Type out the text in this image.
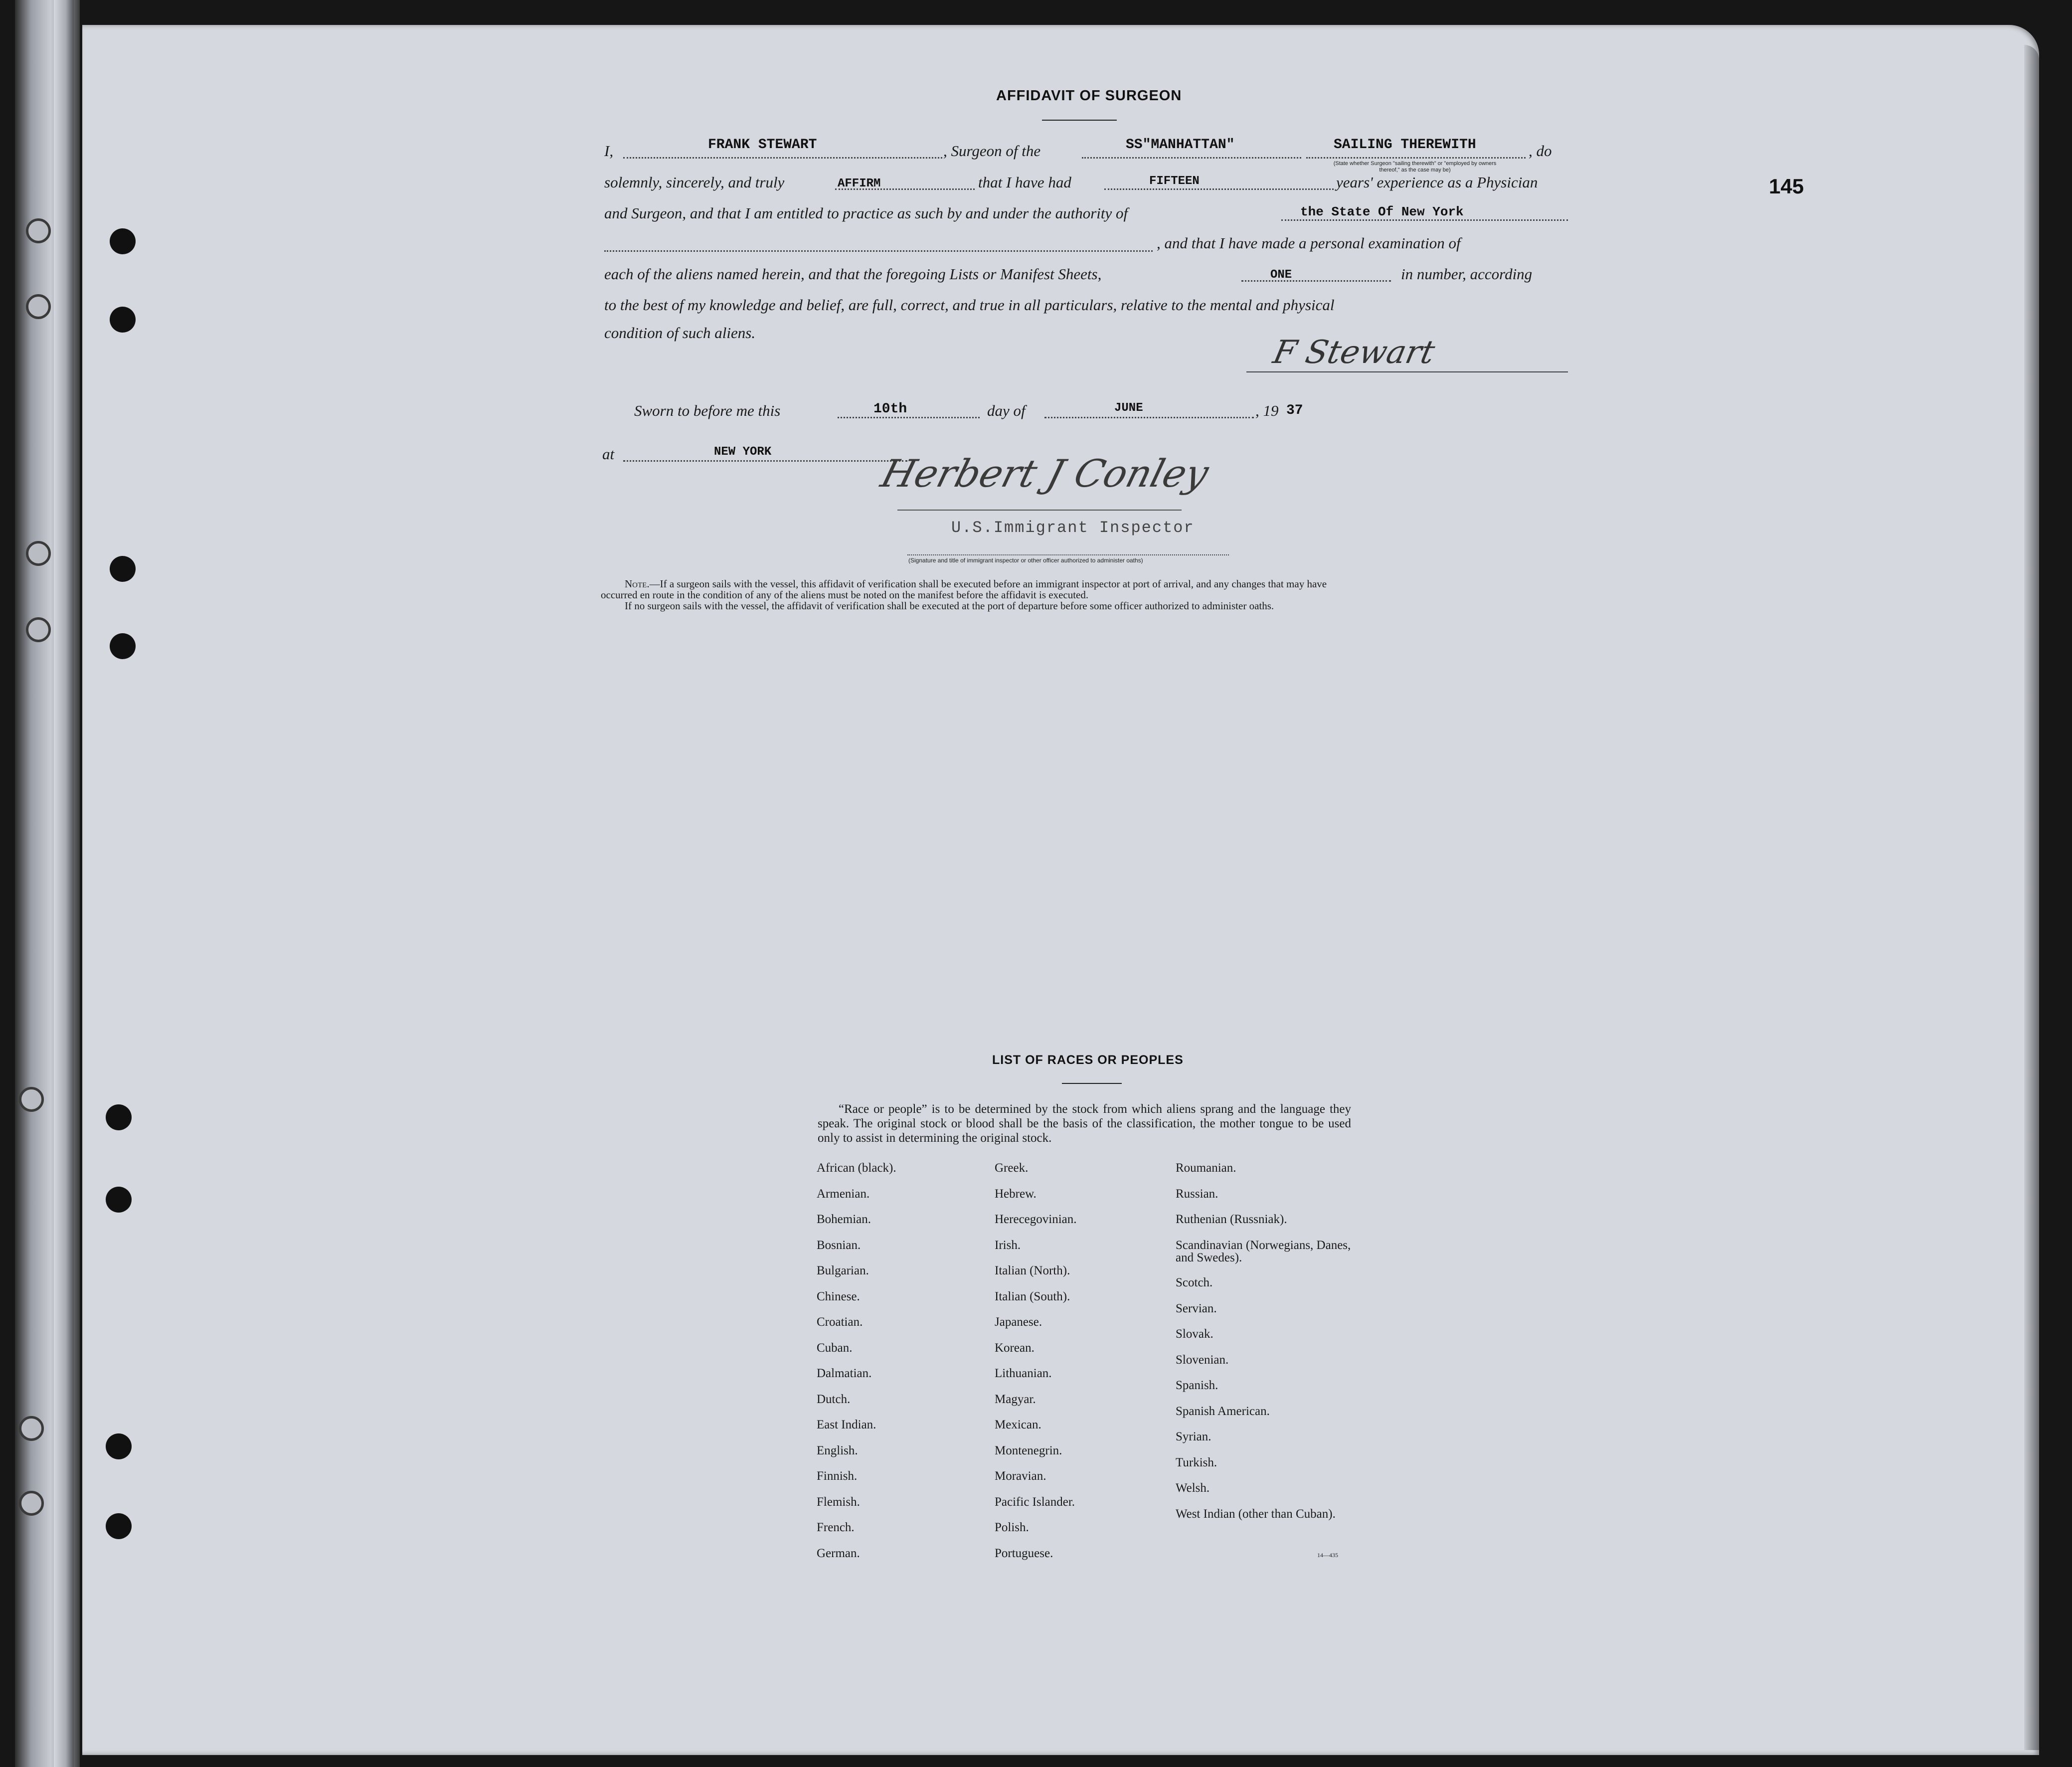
145
AFFIDAVIT OF SURGEON
I,	FRANK STEWART	, Surgeon of the	SS"MANHATTAN"	SAILING THEREWITH	, do
(State whether Surgeon "sailing therewith" or "employed by owners thereof," as the case may be)
solemnly, sincerely, and truly	AFFIRM	that I have had	FIFTEEN	years' experience as a Physician
and Surgeon, and that I am entitled to practice as such by and under the authority of	the State Of New York
, and that I have made a personal examination of
each of the aliens named herein, and that the foregoing Lists or Manifest Sheets,	ONE	in number, according
to the best of my knowledge and belief, are full, correct, and true in all particulars, relative to the mental and physical
condition of such aliens.
F Stewart
Sworn to before me this	10th	day of	JUNE	, 19 37
at	NEW YORK	Herbert J Conley
U.S.Immigrant Inspector
(Signature and title of immigrant inspector or other officer authorized to administer oaths)
Note.—If a surgeon sails with the vessel, this affidavit of verification shall be executed before an immigrant inspector at port of arrival, and any changes that may have
occurred en route in the condition of any of the aliens must be noted on the manifest before the affidavit is executed.
If no surgeon sails with the vessel, the affidavit of verification shall be executed at the port of departure before some officer authorized to administer oaths.
LIST OF RACES OR PEOPLES
“Race or people” is to be determined by the stock from which aliens sprang and the language they speak. The original stock or blood shall be the basis of the classification, the mother tongue to be used only to assist in determining the original stock.
African (black).
Armenian.
Bohemian.
Bosnian.
Bulgarian.
Chinese.
Croatian.
Cuban.
Dalmatian.
Dutch.
East Indian.
English.
Finnish.
Flemish.
French.
German.
Greek.
Hebrew.
Herecegovinian.
Irish.
Italian (North).
Italian (South).
Japanese.
Korean.
Lithuanian.
Magyar.
Mexican.
Montenegrin.
Moravian.
Pacific Islander.
Polish.
Portuguese.
Roumanian.
Russian.
Ruthenian (Russniak).
Scandinavian (Norwegians, Danes, and Swedes).
Scotch.
Servian.
Slovak.
Slovenian.
Spanish.
Spanish American.
Syrian.
Turkish.
Welsh.
West Indian (other than Cuban).
14—435
